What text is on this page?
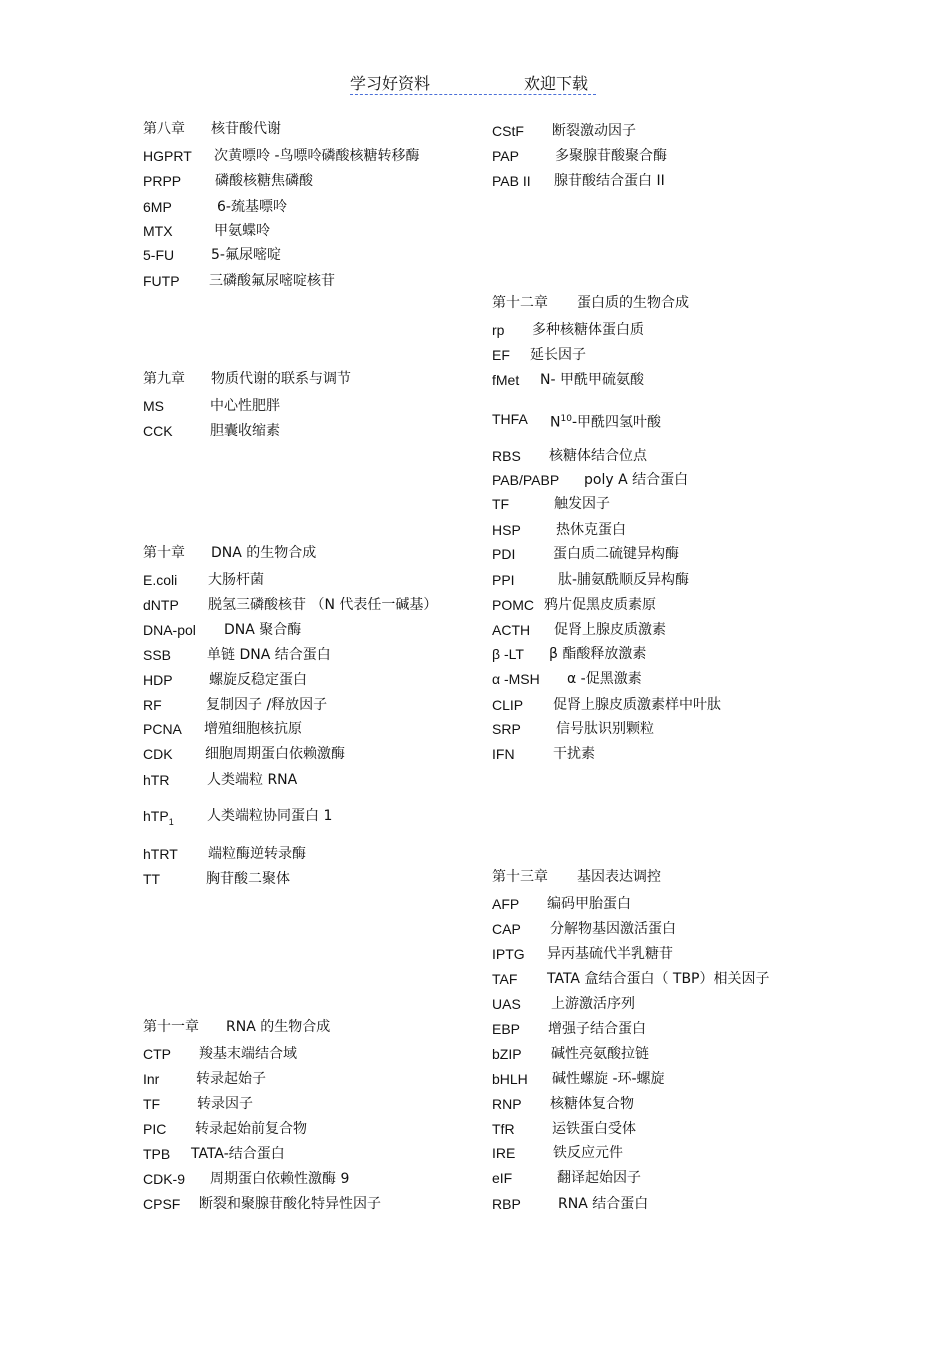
学习好资料	欢迎下载
第八章 核苷酸代谢
HGPRT 次黄嘌呤 -鸟嘌呤磷酸核糖转移酶
PRPP 磷酸核糖焦磷酸
6MP	6-巯基嘌呤
MTX	甲氨蝶呤
5-FU	5-氟尿嘧啶
FUTP 三磷酸氟尿嘧啶核苷
第九章 物质代谢的联系与调节
MS	中心性肥胖
CCK	胆囊收缩素
第十章 DNA 的生物合成
E.coli 大肠杆菌
dNTP 脱氢三磷酸核苷 （N 代表任一碱基）
DNA-pol DNA 聚合酶
SSB	单链 DNA 结合蛋白
HDP	螺旋反稳定蛋白
RF	复制因子 /释放因子
PCNA 增殖细胞核抗原
CDK 细胞周期蛋白依赖激酶
hTR	人类端粒 RNA
hTP$_1$ 人类端粒协同蛋白 1
hTRT 端粒酶逆转录酶
TT	胸苷酸二聚体
第十一章 RNA 的生物合成
CTP 羧基末端结合域
Inr	转录起始子
TF	转录因子
PIC 转录起始前复合物
TPB TATA-结合蛋白
CDK-9 周期蛋白依赖性激酶 9
CPSF 断裂和聚腺苷酸化特异性因子
CStF 断裂激动因子
PAP	多聚腺苷酸聚合酶
PAB II 腺苷酸结合蛋白 II
第十二章 蛋白质的生物合成
rp 多种核糖体蛋白质
EF 延长因子
fMet N- 甲酰甲硫氨酸
THFA $N^{10}-$甲酰四氢叶酸
RBS 核糖体结合位点
PAB/PABP poly A 结合蛋白
TF	触发因子
HSP	热休克蛋白
PDI	蛋白质二硫键异构酶
PPI	肽-脯氨酰顺反异构酶
POMC 鸦片促黑皮质素原
ACTH 促肾上腺皮质激素
β -LT β 酯酸释放激素
α -MSH α -促黑激素
CLIP 促肾上腺皮质激素样中叶肽
SRP	信号肽识别颗粒
IFN	干扰素
第十三章 基因表达调控
AFP 编码甲胎蛋白
CAP 分解物基因激活蛋白
IPTG 异丙基硫代半乳糖苷
TAF TATA 盒结合蛋白（ TBP）相关因子
UAS 上游激活序列
EBP 增强子结合蛋白
bZIP 碱性亮氨酸拉链
bHLH 碱性螺旋 -环-螺旋
RNP 核糖体复合物
TfR	运铁蛋白受体
IRE	铁反应元件
eIF	翻译起始因子
RBP	RNA 结合蛋白
